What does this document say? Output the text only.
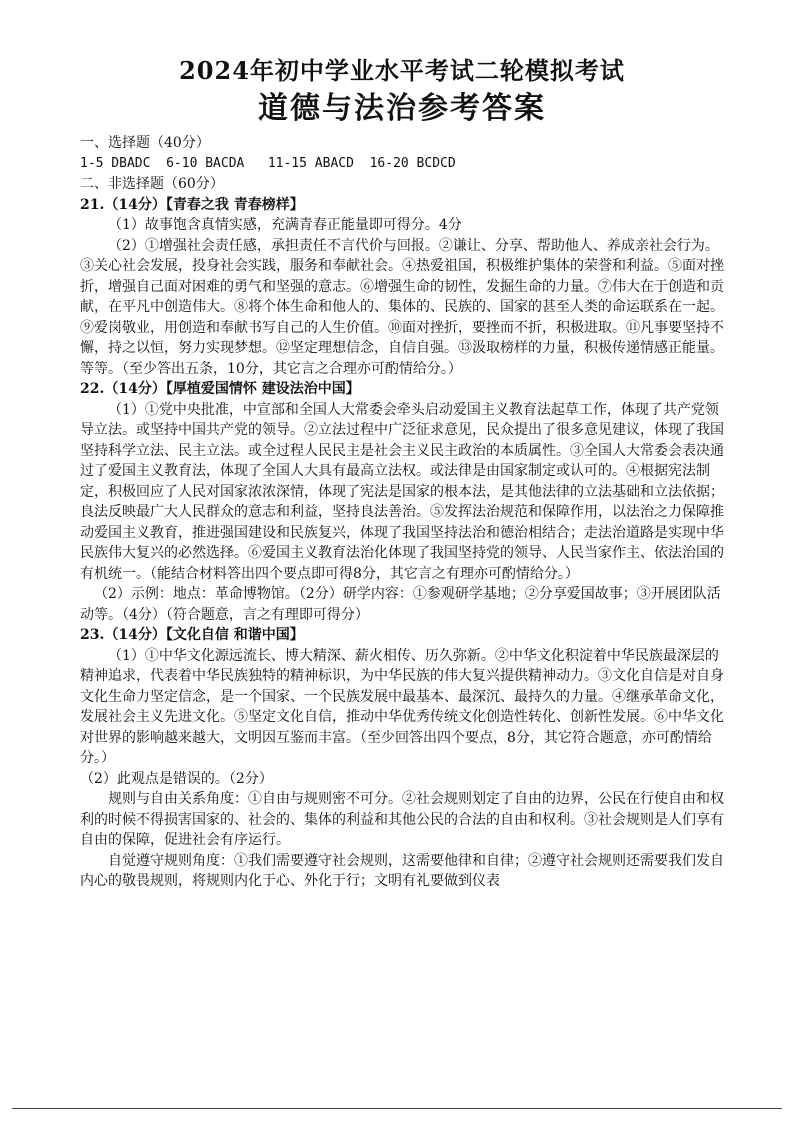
2024年初中学业水平考试二轮模拟考试
道德与法治参考答案

一、选择题（40分）

1-5 DBADC  6-10 BACDA   11-15 ABACD  16-20 BCDCD

二、非选择题（60分）

21.（14分）【青春之我 青春榜样】

（1）故事饱含真情实感，充满青春正能量即可得分。4分

（2）①增强社会责任感，承担责任不言代价与回报。②谦让、分享、帮助他人、养成亲社会行为。③关心社会发展，投身社会实践，服务和奉献社会。④热爱祖国，积极维护集体的荣誉和利益。⑤面对挫折，增强自己面对困难的勇气和坚强的意志。⑥增强生命的韧性，发掘生命的力量。⑦伟大在于创造和贡献，在平凡中创造伟大。⑧将个体生命和他人的、集体的、民族的、国家的甚至人类的命运联系在一起。⑨爱岗敬业，用创造和奉献书写自己的人生价值。⑩面对挫折，要挫而不折，积极进取。⑪凡事要坚持不懈，持之以恒，努力实现梦想。⑫坚定理想信念，自信自强。⑬汲取榜样的力量，积极传递情感正能量。等等。（至少答出五条，10分，其它言之合理亦可酌情给分。）

22.（14分）【厚植爱国情怀 建设法治中国】

（1）①党中央批准，中宣部和全国人大常委会牵头启动爱国主义教育法起草工作，体现了共产党领导立法。或坚持中国共产党的领导。②立法过程中广泛征求意见，民众提出了很多意见建议，体现了我国坚持科学立法、民主立法。或全过程人民民主是社会主义民主政治的本质属性。③全国人大常委会表决通过了爱国主义教育法，体现了全国人大具有最高立法权。或法律是由国家制定或认可的。④根据宪法制定，积极回应了人民对国家浓浓深情，体现了宪法是国家的根本法，是其他法律的立法基础和立法依据；良法反映最广大人民群众的意志和利益，坚持良法善治。⑤发挥法治规范和保障作用，以法治之力保障推动爱国主义教育，推进强国建设和民族复兴，体现了我国坚持法治和德治相结合；走法治道路是实现中华民族伟大复兴的必然选择。⑥爱国主义教育法治化体现了我国坚持党的领导、人民当家作主、依法治国的有机统一。（能结合材料答出四个要点即可得8分，其它言之有理亦可酌情给分。）

（2）示例：地点：革命博物馆。（2分）研学内容：①参观研学基地；②分享爱国故事；③开展团队活动等。（4分）（符合题意，言之有理即可得分）

23.（14分）【文化自信 和谐中国】

（1）①中华文化源远流长、博大精深、薪火相传、历久弥新。②中华文化积淀着中华民族最深层的精神追求，代表着中华民族独特的精神标识，为中华民族的伟大复兴提供精神动力。③文化自信是对自身文化生命力坚定信念，是一个国家、一个民族发展中最基本、最深沉、最持久的力量。④继承革命文化，发展社会主义先进文化。⑤坚定文化自信，推动中华优秀传统文化创造性转化、创新性发展。⑥中华文化对世界的影响越来越大，文明因互鉴而丰富。（至少回答出四个要点，8分，其它符合题意，亦可酌情给分。）

（2）此观点是错误的。（2分）

规则与自由关系角度：①自由与规则密不可分。②社会规则划定了自由的边界，公民在行使自由和权利的时候不得损害国家的、社会的、集体的利益和其他公民的合法的自由和权利。③社会规则是人们享有自由的保障，促进社会有序运行。

自觉遵守规则角度：①我们需要遵守社会规则，这需要他律和自律；②遵守社会规则还需要我们发自内心的敬畏规则，将规则内化于心、外化于行；文明有礼要做到仪表
